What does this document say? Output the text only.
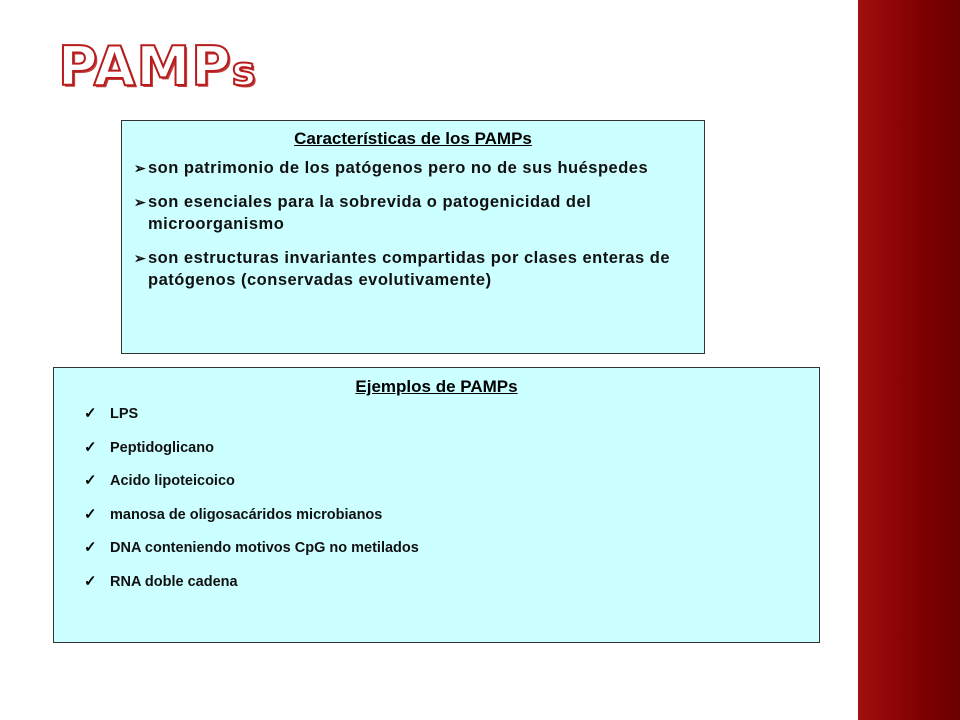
PAMPs
Características de los PAMPs
➢ son patrimonio de los patógenos pero no de sus huéspedes
➢ son esenciales para la sobrevida o patogenicidad del microorganismo
➢ son estructuras invariantes compartidas por clases enteras de patógenos (conservadas evolutivamente)
Ejemplos de PAMPs
✓ LPS
✓ Peptidoglicano
✓ Acido lipoteicoico
✓ manosa de oligosacáridos microbianos
✓ DNA conteniendo motivos CpG no metilados
✓ RNA doble cadena
